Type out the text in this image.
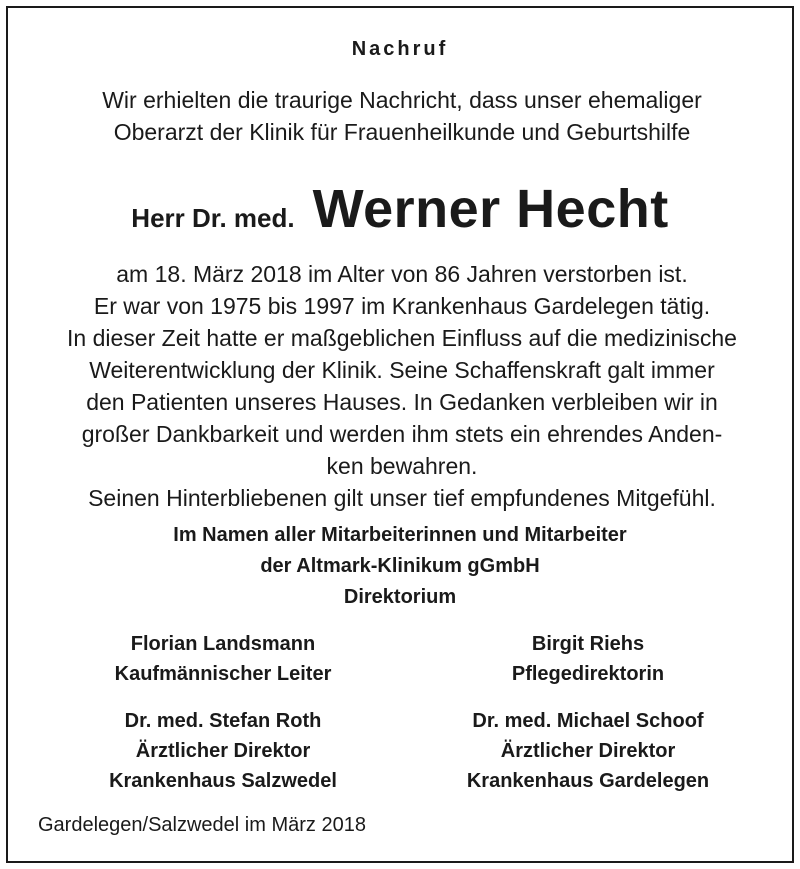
Nachruf
Wir erhielten die traurige Nachricht, dass unser ehemaliger
Oberarzt der Klinik für Frauenheilkunde und Geburtshilfe
Herr Dr. med. Werner Hecht
am 18. März 2018 im Alter von 86 Jahren verstorben ist.
Er war von 1975 bis 1997 im Krankenhaus Gardelegen tätig.
In dieser Zeit hatte er maßgeblichen Einfluss auf die medizinische
Weiterentwicklung der Klinik. Seine Schaffenskraft galt immer
den Patienten unseres Hauses. In Gedanken verbleiben wir in
großer Dankbarkeit und werden ihm stets ein ehrendes Anden-
ken bewahren.
Seinen Hinterbliebenen gilt unser tief empfundenes Mitgefühl.
Im Namen aller Mitarbeiterinnen und Mitarbeiter
der Altmark-Klinikum gGmbH
Direktorium
Florian Landsmann
Kaufmännischer Leiter
Birgit Riehs
Pflegedirektorin
Dr. med. Stefan Roth
Ärztlicher Direktor
Krankenhaus Salzwedel
Dr. med. Michael Schoof
Ärztlicher Direktor
Krankenhaus Gardelegen
Gardelegen/Salzwedel im März 2018
